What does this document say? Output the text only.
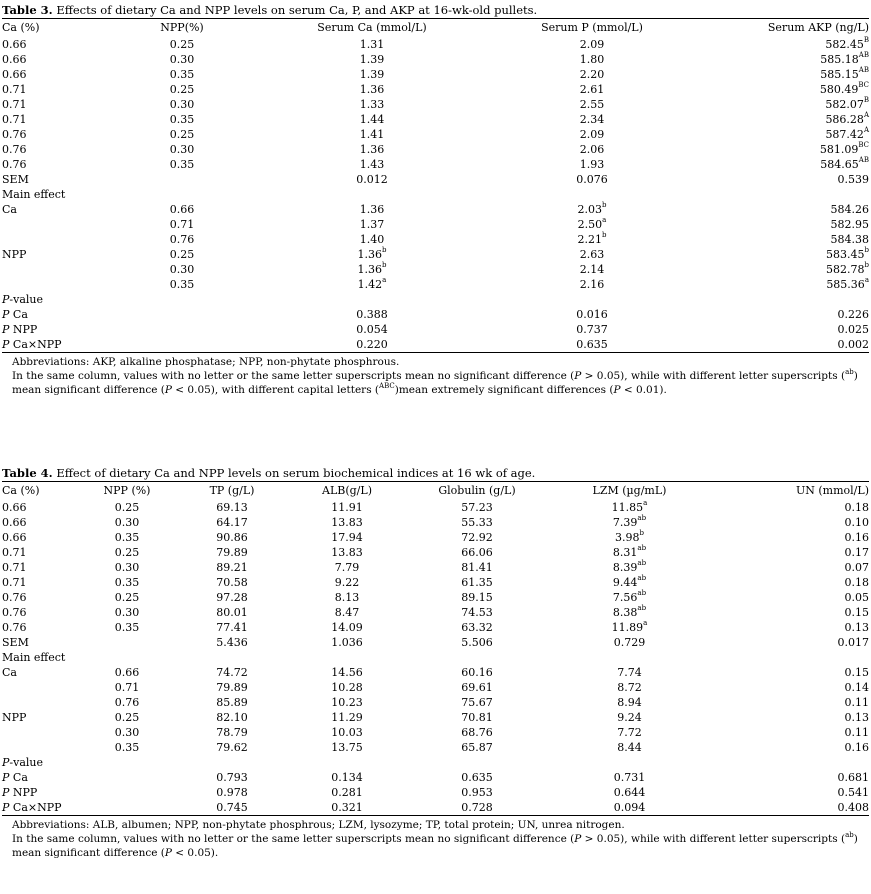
Table 3. Effects of dietary Ca and NPP levels on serum Ca, P, and AKP at 16-wk-old pullets.
Ca (%)	NPP(%)	Serum Ca (mmol/L)	Serum P (mmol/L)	Serum AKP (ng/L)
0.66	0.25	1.31	2.09	$582.45^B$
0.66	0.30	1.39	1.80	$585.18^{AB}$
0.66	0.35	1.39	2.20	$585.15^{AB}$
0.71	0.25	1.36	2.61	$580.49^{BC}$
0.71	0.30	1.33	2.55	$582.07^B$
0.71	0.35	1.44	2.34	$586.28^A$
0.76	0.25	1.41	2.09	$587.42^A$
0.76	0.30	1.36	2.06	$581.09^{BC}$
0.76	0.35	1.43	1.93	$584.65^{AB}$
SEM		0.012	0.076	0.539
Main effect				
Ca	0.66	1.36	2.03$^b$	584.26
	0.71	1.37	2.50$^a$	582.95
	0.76	1.40	2.21$^b$	584.38
NPP	0.25	1.36$^b$	2.63	583.45$^b$
	0.30	1.36$^b$	2.14	582.78$^b$
	0.35	1.42$^a$	2.16	585.36$^a$
P-value				
P Ca		0.388	0.016	0.226
P NPP		0.054	0.737	0.025
P Ca×NPP		0.220	0.635	0.002

Abbreviations: AKP, alkaline phosphatase; NPP, non-phytate phosphrous.

In the same column, values with no letter or the same letter superscripts mean no significant difference (P > 0.05), while with different letter superscripts ($^{ab}$) mean significant difference (P < 0.05), with different capital letters ($^{ABC}$)mean extremely significant differences (P < 0.01).

Table 4. Effect of dietary Ca and NPP levels on serum biochemical indices at 16 wk of age.
Ca (%)	NPP (%)	TP (g/L)	ALB(g/L)	Globulin (g/L)	LZM (µg/mL)	UN (mmol/L)
0.66	0.25	69.13	11.91	57.23	11.85$^a$	0.18
0.66	0.30	64.17	13.83	55.33	7.39$^{ab}$	0.10
0.66	0.35	90.86	17.94	72.92	3.98$^b$	0.16
0.71	0.25	79.89	13.83	66.06	8.31$^{ab}$	0.17
0.71	0.30	89.21	7.79	81.41	8.39$^{ab}$	0.07
0.71	0.35	70.58	9.22	61.35	9.44$^{ab}$	0.18
0.76	0.25	97.28	8.13	89.15	7.56$^{ab}$	0.05
0.76	0.30	80.01	8.47	74.53	8.38$^{ab}$	0.15
0.76	0.35	77.41	14.09	63.32	11.89$^a$	0.13
SEM		5.436	1.036	5.506	0.729	0.017
Main effect						
Ca	0.66	74.72	14.56	60.16	7.74	0.15
	0.71	79.89	10.28	69.61	8.72	0.14
	0.76	85.89	10.23	75.67	8.94	0.11
NPP	0.25	82.10	11.29	70.81	9.24	0.13
	0.30	78.79	10.03	68.76	7.72	0.11
	0.35	79.62	13.75	65.87	8.44	0.16
P-value						
P Ca		0.793	0.134	0.635	0.731	0.681
P NPP		0.978	0.281	0.953	0.644	0.541
P Ca×NPP		0.745	0.321	0.728	0.094	0.408

Abbreviations: ALB, albumen; NPP, non-phytate phosphrous; LZM, lysozyme; TP, total protein; UN, unrea nitrogen.

In the same column, values with no letter or the same letter superscripts mean no significant difference (P > 0.05), while with different letter superscripts ($^{ab}$) mean significant difference (P < 0.05).
